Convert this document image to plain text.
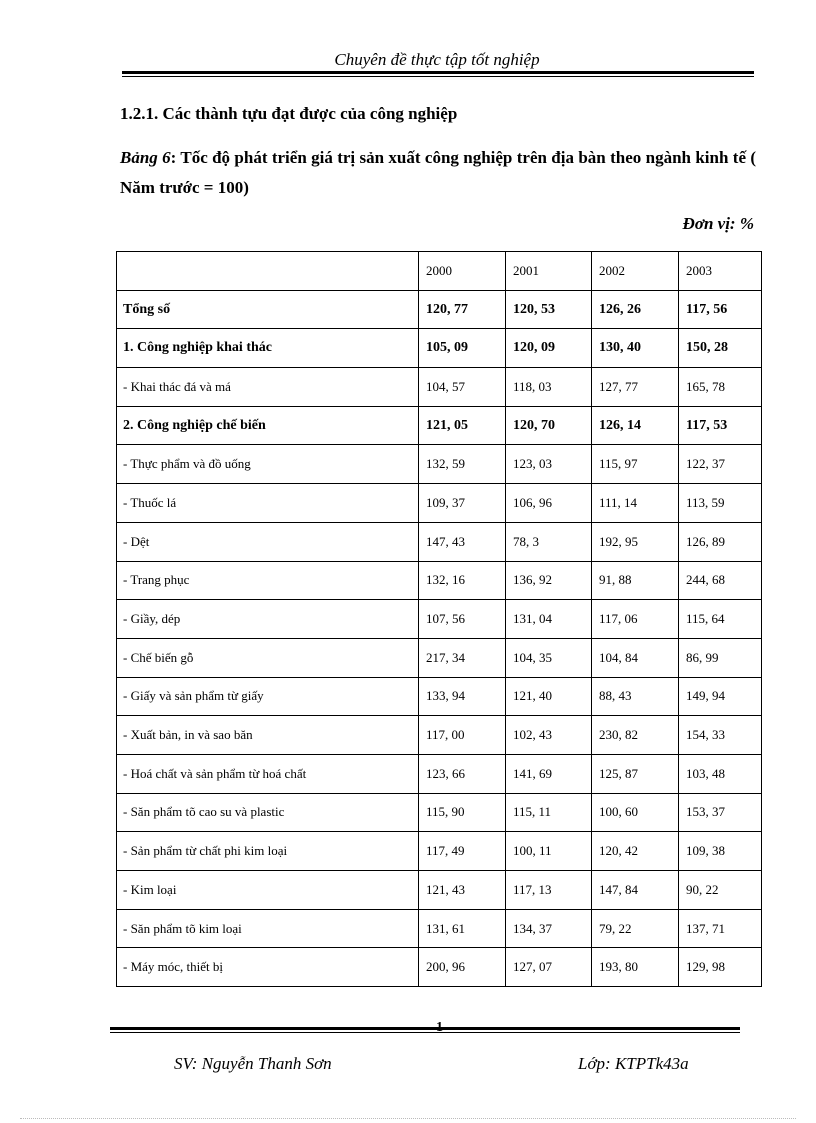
Chuyên đề thực tập tốt nghiệp
1.2.1. Các thành tựu đạt được của công nghiệp
Bảng 6: Tốc độ phát triển giá trị sản xuất công nghiệp trên địa bàn theo ngành kinh tế ( Năm trước = 100)
Đơn vị: %
	2000	2001	2002	2003
Tổng số	120, 77	120, 53	126, 26	117, 56
1. Công nghiệp khai thác	105, 09	120, 09	130, 40	150, 28
- Khai thác đá và má	104, 57	118, 03	127, 77	165, 78
2. Công nghiệp chế biến	121, 05	120, 70	126, 14	117, 53
- Thực phẩm và đồ uống	132, 59	123, 03	115, 97	122, 37
- Thuốc lá	109, 37	106, 96	111, 14	113, 59
- Dệt	147, 43	78, 3	192, 95	126, 89
- Trang phục	132, 16	136, 92	91, 88	244, 68
- Giầy, dép	107, 56	131, 04	117, 06	115, 64
- Chế biến gỗ	217, 34	104, 35	104, 84	86, 99
- Giấy và sản phẩm từ giấy	133, 94	121, 40	88, 43	149, 94
- Xuất bản, in và sao băn	117, 00	102, 43	230, 82	154, 33
- Hoá chất và sản phẩm từ hoá chất	123, 66	141, 69	125, 87	103, 48
- Săn phẩm tõ cao su và plastic	115, 90	115, 11	100, 60	153, 37
- Sản phẩm từ chất phi kim loại	117, 49	100, 11	120, 42	109, 38
- Kim loại	121, 43	117, 13	147, 84	90, 22
- Săn phẩm tõ kim loại	131, 61	134, 37	79, 22	137, 71
- Máy móc, thiết bị	200, 96	127, 07	193, 80	129, 98
1
SV: Nguyễn Thanh Sơn	Lớp: KTPTk43a
